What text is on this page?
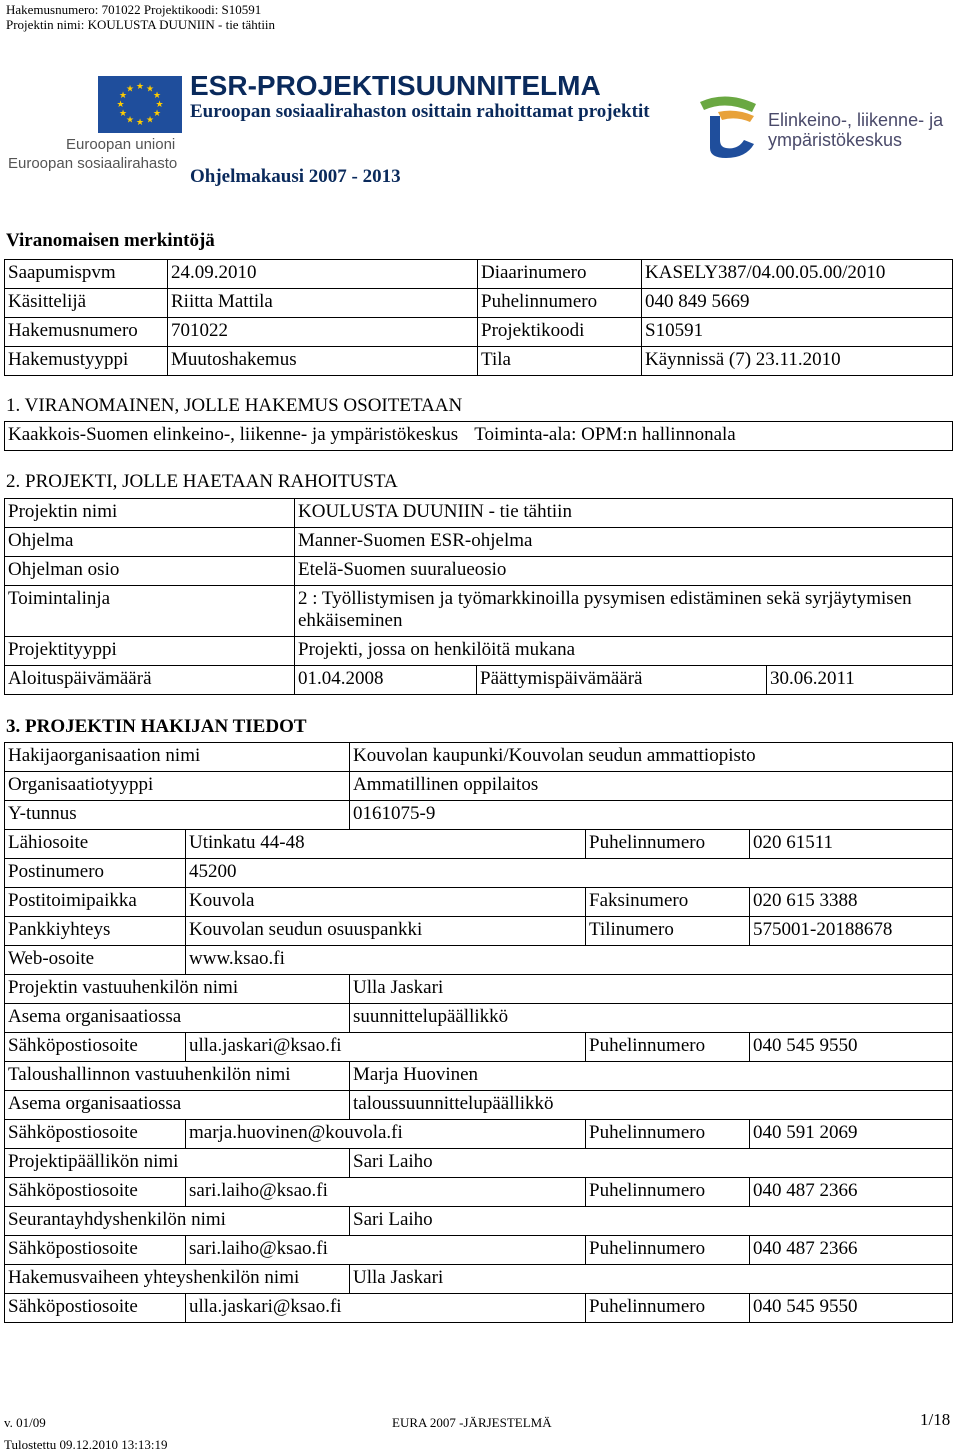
Hakemusnumero: 701022 Projektikoodi: S10591
Projektin nimi: KOULUSTA DUUNIIN - tie tähtiin
★ ★
★
★
★
★
★
★
★
★
★
★
Euroopan unioni
Euroopan sosiaalirahasto
ESR-PROJEKTISUUNNITELMA
Euroopan sosiaalirahaston osittain rahoittamat projektit
Ohjelmakausi 2007 - 2013
Elinkeino-, liikenne- ja
ympäristökeskus
Viranomaisen merkintöjä
Saapumispvm	24.09.2010	Diaarinumero	KASELY387/04.00.05.00/2010
Käsittelijä	Riitta Mattila	Puhelinnumero	040 849 5669
Hakemusnumero	701022	Projektikoodi	S10591
Hakemustyyppi	Muutoshakemus	Tila	Käynnissä (7) 23.11.2010
1. VIRANOMAINEN, JOLLE HAKEMUS OSOITETAAN
Kaakkois-Suomen elinkeino-, liikenne- ja ympäristökeskus Toiminta-ala: OPM:n hallinnonala
2. PROJEKTI, JOLLE HAETAAN RAHOITUSTA
Projektin nimi	KOULUSTA DUUNIIN - tie tähtiin
Ohjelma	Manner-Suomen ESR-ohjelma
Ohjelman osio	Etelä-Suomen suuralueosio
Toimintalinja	2 : Työllistymisen ja työmarkkinoilla pysymisen edistäminen sekä syrjäytymisen ehkäiseminen
Projektityyppi	Projekti, jossa on henkilöitä mukana
Aloituspäivämäärä	01.04.2008	Päättymispäivämäärä	30.06.2011
3. PROJEKTIN HAKIJAN TIEDOT
Hakijaorganisaation nimi	Kouvolan kaupunki/Kouvolan seudun ammattiopisto
Organisaatiotyyppi	Ammatillinen oppilaitos
Y-tunnus	0161075-9
Lähiosoite	Utinkatu 44-48	Puhelinnumero	020 61511
Postinumero	45200
Postitoimipaikka	Kouvola	Faksinumero	020 615 3388
Pankkiyhteys	Kouvolan seudun osuuspankki	Tilinumero	575001-20188678
Web-osoite	www.ksao.fi
Projektin vastuuhenkilön nimi	Ulla Jaskari
Asema organisaatiossa	suunnittelupäällikkö
Sähköpostiosoite	ulla.jaskari@ksao.fi	Puhelinnumero	040 545 9550
Taloushallinnon vastuuhenkilön nimi	Marja Huovinen
Asema organisaatiossa	taloussuunnittelupäällikkö
Sähköpostiosoite	marja.huovinen@kouvola.fi	Puhelinnumero	040 591 2069
Projektipäällikön nimi	Sari Laiho
Sähköpostiosoite	sari.laiho@ksao.fi	Puhelinnumero	040 487 2366
Seurantayhdyshenkilön nimi	Sari Laiho
Sähköpostiosoite	sari.laiho@ksao.fi	Puhelinnumero	040 487 2366
Hakemusvaiheen yhteyshenkilön nimi	Ulla Jaskari
Sähköpostiosoite	ulla.jaskari@ksao.fi	Puhelinnumero	040 545 9550
v. 01/09	EURA 2007 -JÄRJESTELMÄ	1/18
Tulostettu 09.12.2010 13:13:19
